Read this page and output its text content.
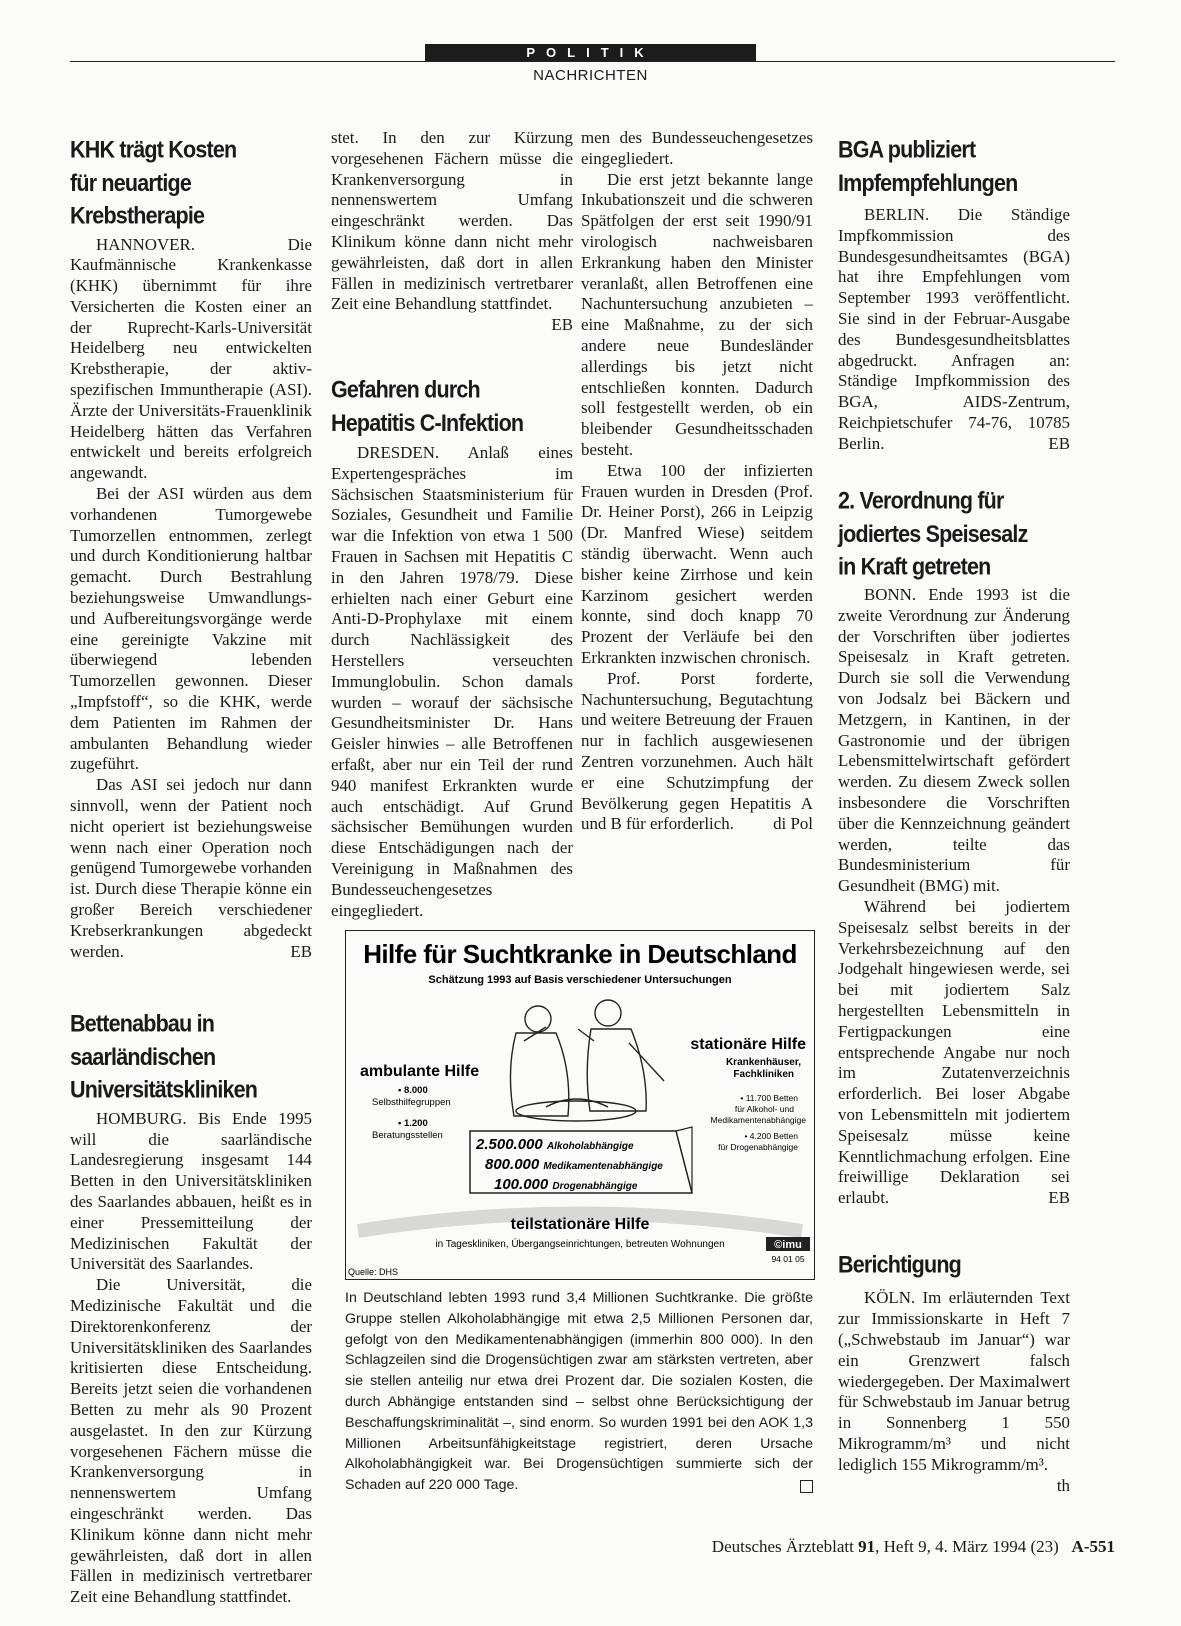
POLITIK
NACHRICHTEN
KHK trägt Kosten
für neuartige
Krebstherapie

HANNOVER. Die Kaufmännische Krankenkasse (KHK) übernimmt für ihre Versicherten die Kosten einer an der Ruprecht-Karls-Universität Heidelberg neu entwickelten Krebstherapie, der aktiv-spezifischen Immuntherapie (ASI). Ärzte der Universitäts-Frauenklinik Heidelberg hätten das Verfahren entwickelt und bereits erfolgreich angewandt.

Bei der ASI würden aus dem vorhandenen Tumorgewebe Tumorzellen entnommen, zerlegt und durch Konditionierung haltbar gemacht. Durch Bestrahlung beziehungsweise Umwandlungs- und Aufbereitungsvorgänge werde eine gereinigte Vakzine mit überwiegend lebenden Tumorzellen gewonnen. Dieser „Impfstoff“, so die KHK, werde dem Patienten im Rahmen der ambulanten Behandlung wieder zugeführt.

Das ASI sei jedoch nur dann sinnvoll, wenn der Patient noch nicht operiert ist beziehungsweise wenn nach einer Operation noch genügend Tumorgewebe vorhanden ist. Durch diese Therapie könne ein großer Bereich verschiedener Krebserkrankungen abgedeckt werden.	EB

Bettenabbau in
saarländischen
Universitätskliniken

HOMBURG. Bis Ende 1995 will die saarländische Landesregierung insgesamt 144 Betten in den Universitätskliniken des Saarlandes abbauen, heißt es in einer Pressemitteilung der Medizinischen Fakultät der Universität des Saarlandes.

Die Universität, die Medizinische Fakultät und die Direktorenkonferenz der Universitätskliniken des Saarlandes kritisierten diese Entscheidung. Bereits jetzt seien die vorhandenen Betten zu mehr als 90 Prozent ausgelastet. In den zur Kürzung vorgesehenen Fächern müsse die Krankenversorgung in nennenswertem Umfang eingeschränkt werden. Das Klinikum könne dann nicht mehr gewährleisten, daß dort in allen Fällen in medizinisch vertretbarer Zeit eine Behandlung stattfindet.

stet. In den zur Kürzung vorgesehenen Fächern müsse die Krankenversorgung in nennenswertem Umfang eingeschränkt werden. Das Klinikum könne dann nicht mehr gewährleisten, daß dort in allen Fällen in medizinisch vertretbarer Zeit eine Behandlung stattfindet.
EB

Gefahren durch
Hepatitis C-Infektion

DRESDEN. Anlaß eines Expertengespräches im Sächsischen Staatsministerium für Soziales, Gesundheit und Familie war die Infektion von etwa 1 500 Frauen in Sachsen mit Hepatitis C in den Jahren 1978/79. Diese erhielten nach einer Geburt eine Anti-D-Prophylaxe mit einem durch Nachlässigkeit des Herstellers verseuchten Immunglobulin. Schon damals wurden – worauf der sächsische Gesundheitsminister Dr. Hans Geisler hinwies – alle Betroffenen erfaßt, aber nur ein Teil der rund 940 manifest Erkrankten wurde auch entschädigt. Auf Grund sächsischer Bemühungen wurden diese Entschädigungen nach der Vereinigung in Maßnahmen des Bundesseuchengesetzes eingegliedert.

men des Bundesseuchengesetzes eingegliedert.

Die erst jetzt bekannte lange Inkubationszeit und die schweren Spätfolgen der erst seit 1990/91 virologisch nachweisbaren Erkrankung haben den Minister veranlaßt, allen Betroffenen eine Nachuntersuchung anzubieten – eine Maßnahme, zu der sich andere neue Bundesländer allerdings bis jetzt nicht entschließen konnten. Dadurch soll festgestellt werden, ob ein bleibender Gesundheitsschaden besteht.

Etwa 100 der infizierten Frauen wurden in Dresden (Prof. Dr. Heiner Porst), 266 in Leipzig (Dr. Manfred Wiese) seitdem ständig überwacht. Wenn auch bisher keine Zirrhose und kein Karzinom gesichert werden konnte, sind doch knapp 70 Prozent der Verläufe bei den Erkrankten inzwischen chronisch.

Prof. Porst forderte, Nachuntersuchung, Begutachtung und weitere Betreuung der Frauen nur in fachlich ausgewiesenen Zentren vorzunehmen. Auch hält er eine Schutzimpfung der Bevölkerung gegen Hepatitis A und B für erforderlich.	di Pol

BGA publiziert
Impfempfehlungen

BERLIN. Die Ständige Impfkommission des Bundesgesundheitsamtes (BGA) hat ihre Empfehlungen vom September 1993 veröffentlicht. Sie sind in der Februar-Ausgabe des Bundesgesundheitsblattes abgedruckt. Anfragen an: Ständige Impfkommission des BGA, AIDS-Zentrum, Reichpietschufer 74-76, 10785 Berlin.	EB

2. Verordnung für
jodiertes Speisesalz
in Kraft getreten

BONN. Ende 1993 ist die zweite Verordnung zur Änderung der Vorschriften über jodiertes Speisesalz in Kraft getreten. Durch sie soll die Verwendung von Jodsalz bei Bäckern und Metzgern, in Kantinen, in der Gastronomie und der übrigen Lebensmittelwirtschaft gefördert werden. Zu diesem Zweck sollen insbesondere die Vorschriften über die Kennzeichnung geändert werden, teilte das Bundesministerium für Gesundheit (BMG) mit.

Während bei jodiertem Speisesalz selbst bereits in der Verkehrsbezeichnung auf den Jodgehalt hingewiesen werde, sei bei mit jodiertem Salz hergestellten Lebensmitteln in Fertigpackungen eine entsprechende Angabe nur noch im Zutatenverzeichnis erforderlich. Bei loser Abgabe von Lebensmitteln mit jodiertem Speisesalz müsse keine Kenntlichmachung erfolgen. Eine freiwillige Deklaration sei erlaubt.	EB

Berichtigung

KÖLN. Im erläuternden Text zur Immissionskarte in Heft 7 („Schwebstaub im Januar“) war ein Grenzwert falsch wiedergegeben. Der Maximalwert für Schwebstaub im Januar betrug in Sonnenberg 1 550 Mikrogramm/m³ und nicht lediglich 155 Mikrogramm/m³.
th

Hilfe für Suchtkranke in Deutschland
Schätzung 1993 auf Basis verschiedener Untersuchungen
ambulante Hilfe
• 8.000
Selbsthilfegruppen
• 1.200
Beratungsstellen
stationäre Hilfe
Krankenhäuser,
Fachkliniken
• 11.700 Betten
für Alkohol- und
Medikamentenabhängige
• 4.200 Betten
für Drogenabhängige
2.500.000 Alkoholabhängige
800.000 Medikamentenabhängige
100.000 Drogenabhängige
teilstationäre Hilfe
in Tageskliniken, Übergangseinrichtungen, betreuten Wohnungen	©imu
94 01 05
Quelle: DHS
In Deutschland lebten 1993 rund 3,4 Millionen Suchtkranke. Die größte Gruppe stellen Alkoholabhängige mit etwa 2,5 Millionen Personen dar, gefolgt von den Medikamentenabhängigen (immerhin 800 000). In den Schlagzeilen sind die Drogensüchtigen zwar am stärksten vertreten, aber sie stellen anteilig nur etwa drei Prozent dar. Die sozialen Kosten, die durch Abhängige entstanden sind – selbst ohne Berücksichtigung der Beschaffungskriminalität –, sind enorm. So wurden 1991 bei den AOK 1,3 Millionen Arbeitsunfähigkeitstage registriert, deren Ursache Alkoholabhängigkeit war. Bei Drogensüchtigen summierte sich der Schaden auf 220 000 Tage.
Deutsches Ärzteblatt 91, Heft 9, 4. März 1994 (23) A-551
